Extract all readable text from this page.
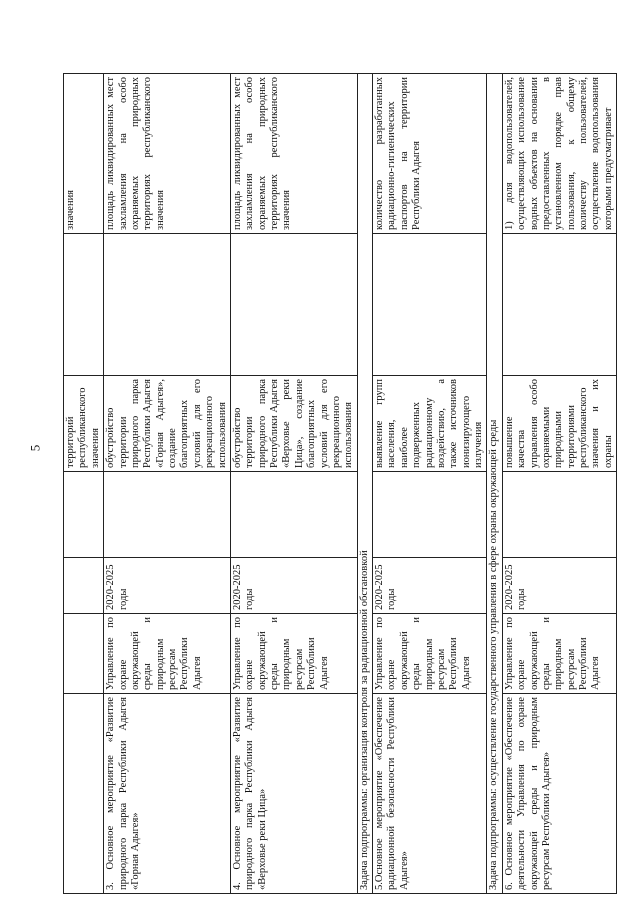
5
				территорий республиканского значения		значения
3. Основное мероприятие «Развитие природного парка Республики Адыгея «Горная Адыгея»	Управление по охране окружающей среды и природным ресурсам Республики Адыгея	2020-2025 годы		обустройство территории природного парка Республики Адыгея «Горная Адыгея», создание благоприятных условий для его рекреационного использования		площадь ликвидированных мест захламления на особо охраняемых природных территориях республиканского значения
4. Основное мероприятие «Развитие природного парка Республики Адыгея «Верховье реки Цица»	Управление по охране окружающей среды и природным ресурсам Республики Адыгея	2020-2025 годы		обустройство территории природного парка Республики Адыгея «Верховье реки Цица», создание благоприятных условий для его рекреационного использования		площадь ликвидированных мест захламления на особо охраняемых природных территориях республиканского значения
Задача подпрограммы: организация контроля за радиационной обстановкой						
5.Основное мероприятие «Обеспечение радиационной безопасности Республики Адыгея»	Управление по охране окружающей среды и природным ресурсам Республики Адыгея	2020-2025 годы		выявление групп населения, наиболее подверженных радиационному воздействию, а также источников ионизирующего излучения		количество разработанных радиационно-гигиенических паспортов на территории Республики Адыгея
Задача подпрограммы: осуществление государственного управления в сфере охраны окружающей среды						
6. Основное мероприятие «Обеспечение деятельности Управления по охране окружающей среды и природным ресурсам Республики Адыгея»	Управление по охране окружающей среды и природным ресурсам Республики Адыгея	2020-2025 годы		повышение качества управления особо охраняемыми природными территориями республиканского значения и их охраны		1) доля водопользователей, осуществляющих использование водных объектов на основании предоставленных в установленном порядке прав пользования, к общему количеству пользователей, осуществление водопользования которыми предусматривает
